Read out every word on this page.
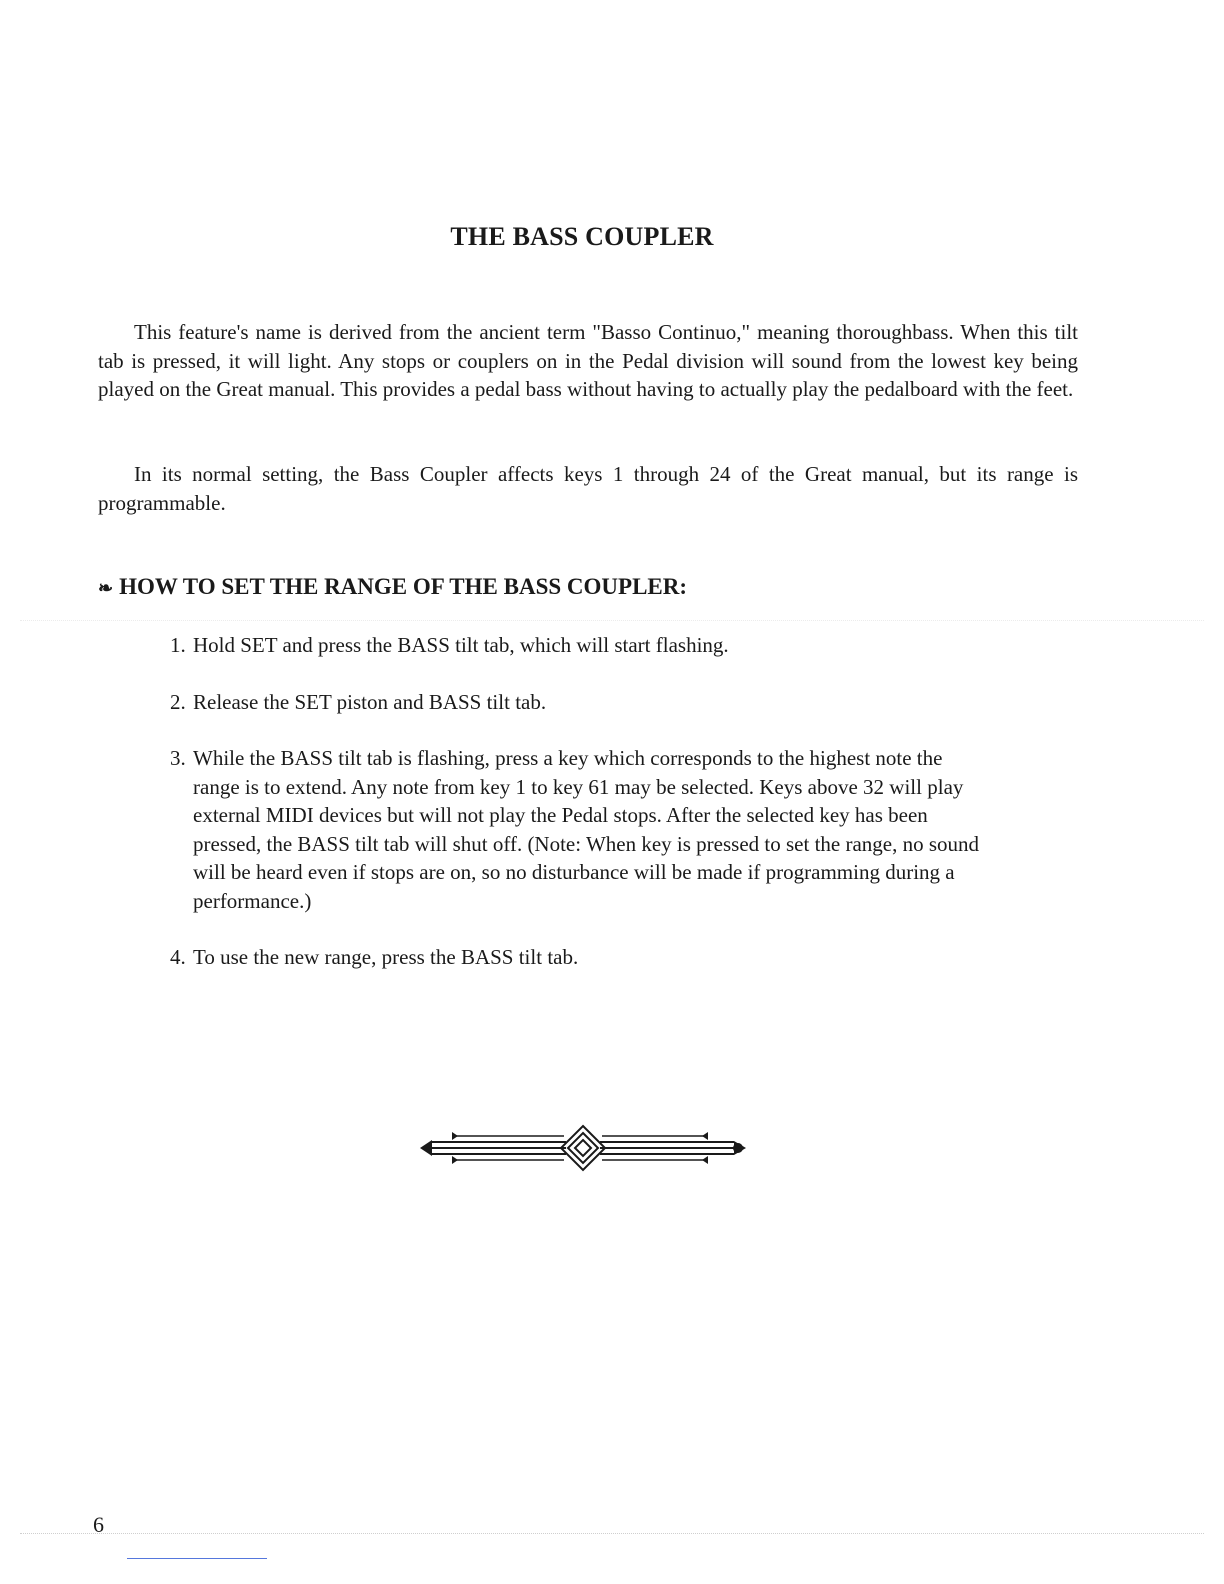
THE BASS COUPLER

This feature's name is derived from the ancient term "Basso Continuo," meaning thoroughbass. When this tilt tab is pressed, it will light. Any stops or couplers on in the Pedal division will sound from the lowest key being played on the Great manual. This provides a pedal bass without having to actually play the pedalboard with the feet.

In its normal setting, the Bass Coupler affects keys 1 through 24 of the Great manual, but its range is programmable.

❧ HOW TO SET THE RANGE OF THE BASS COUPLER:
1. Hold SET and press the BASS tilt tab, which will start flashing.
2. Release the SET piston and BASS tilt tab.
3. While the BASS tilt tab is flashing, press a key which corresponds to the highest note the range is to extend. Any note from key 1 to key 61 may be selected. Keys above 32 will play external MIDI devices but will not play the Pedal stops. After the selected key has been pressed, the BASS tilt tab will shut off. (Note: When key is pressed to set the range, no sound will be heard even if stops are on, so no disturbance will be made if programming during a performance.)
4. To use the new range, press the BASS tilt tab.
6
